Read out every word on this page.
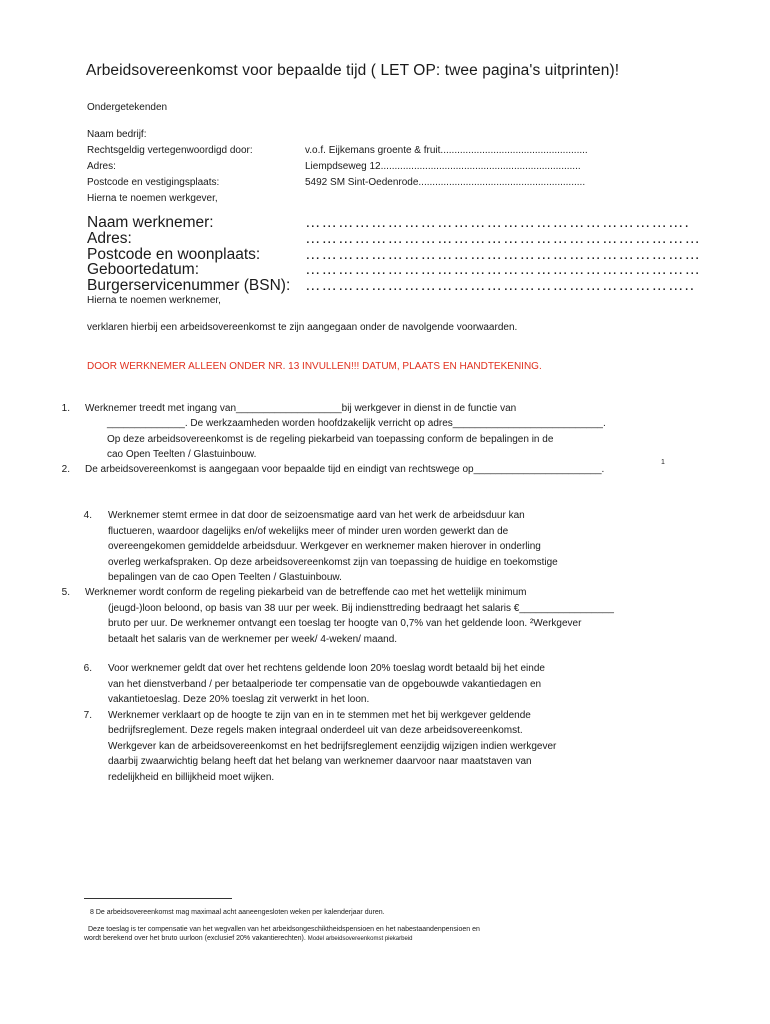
Arbeidsovereenkomst voor bepaalde tijd ( LET OP: twee pagina's uitprinten)!
Ondergetekenden
Naam bedrijf:
Rechtsgeldig vertegenwoordigd door:	v.o.f. Eijkemans groente & fruit.....................................................
Adres:	Liempdseweg 12........................................................................
Postcode en vestigingsplaats:	5492 SM Sint-Oedenrode............................................................
Hierna te noemen werkgever,
Naam werknemer:	…………………………………………………………….
Adres:	………………………………………………………………
Postcode en woonplaats:	………………………………………………………………
Geboortedatum:	………………………………………………………………
Burgerservicenummer (BSN): ……………………………………………………………..
Hierna te noemen werknemer,
verklaren hierbij een arbeidsovereenkomst te zijn aangegaan onder de navolgende voorwaarden.
DOOR WERKNEMER ALLEEN ONDER NR. 13 INVULLEN!!! DATUM, PLAATS EN HANDTEKENING.
1. Werknemer treedt met ingang van___________________bij werkgever in dienst in de functie van
______________. De werkzaamheden worden hoofdzakelijk verricht op adres___________________________.
Op deze arbeidsovereenkomst is de regeling piekarbeid van toepassing conform de bepalingen in de
cao Open Teelten / Glastuinbouw.
2. De arbeidsovereenkomst is aangegaan voor bepaalde tijd en eindigt van rechtswege op_______________________.
1
4. Werknemer stemt ermee in dat door de seizoensmatige aard van het werk de arbeidsduur kan
fluctueren, waardoor dagelijks en/of wekelijks meer of minder uren worden gewerkt dan de
overeengekomen gemiddelde arbeidsduur. Werkgever en werknemer maken hierover in onderling
overleg werkafspraken. Op deze arbeidsovereenkomst zijn van toepassing de huidige en toekomstige
bepalingen van de cao Open Teelten / Glastuinbouw.
5. Werknemer wordt conform de regeling piekarbeid van de betreffende cao met het wettelijk minimum
(jeugd-)loon beloond, op basis van 38 uur per week. Bij indiensttreding bedraagt het salaris €_________________
bruto per uur. De werknemer ontvangt een toeslag ter hoogte van 0,7% van het geldende loon. ²Werkgever
betaalt het salaris van de werknemer per week/ 4-weken/ maand.
6. Voor werknemer geldt dat over het rechtens geldende loon 20% toeslag wordt betaald bij het einde
van het dienstverband / per betaalperiode ter compensatie van de opgebouwde vakantiedagen en
vakantietoeslag. Deze 20% toeslag zit verwerkt in het loon.
7. Werknemer verklaart op de hoogte te zijn van en in te stemmen met het bij werkgever geldende
bedrijfsreglement. Deze regels maken integraal onderdeel uit van deze arbeidsovereenkomst.
Werkgever kan de arbeidsovereenkomst en het bedrijfsreglement eenzijdig wijzigen indien werkgever
daarbij zwaarwichtig belang heeft dat het belang van werknemer daarvoor naar maatstaven van
redelijkheid en billijkheid moet wijken.
8 De arbeidsovereenkomst mag maximaal acht aaneengesloten weken per kalenderjaar duren.
Deze toeslag is ter compensatie van het wegvallen van het arbeidsongeschiktheidspensioen en het nabestaandenpensioen en
wordt berekend over het bruto uurloon (exclusief 20% vakantierechten). Model arbeidsovereenkomst piekarbeid
